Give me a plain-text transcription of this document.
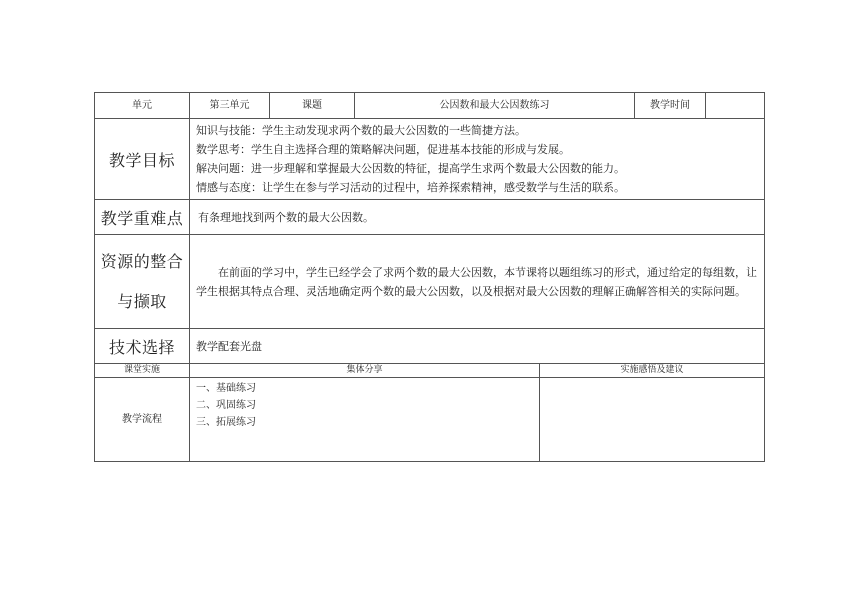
单元	第三单元	课题	公因数和最大公因数练习		教学时间	
教学目标	知识与技能：学生主动发现求两个数的最大公因数的一些简捷方法。
数学思考：学生自主选择合理的策略解决问题，促进基本技能的形成与发展。
解决问题：进一步理解和掌握最大公因数的特征，提高学生求两个数最大公因数的能力。
情感与态度：让学生在参与学习活动的过程中，培养探索精神，感受数学与生活的联系。					

教学重难点	有条理地找到两个数的最大公因数。					

资源的整合
与撷取	在前面的学习中，学生已经学会了求两个数的最大公因数，本节课将以题组练习的形式，通过给定的每组数，让学生根据其特点合理、灵活地确定两个数的最大公因数，以及根据对最大公因数的理解正确解答相关的实际问题。					
技术选择	教学配套光盘					
课堂实施	集体分享			实施感悟及建议		
教学流程	一、基础练习
二、巩固练习
三、拓展练习					
